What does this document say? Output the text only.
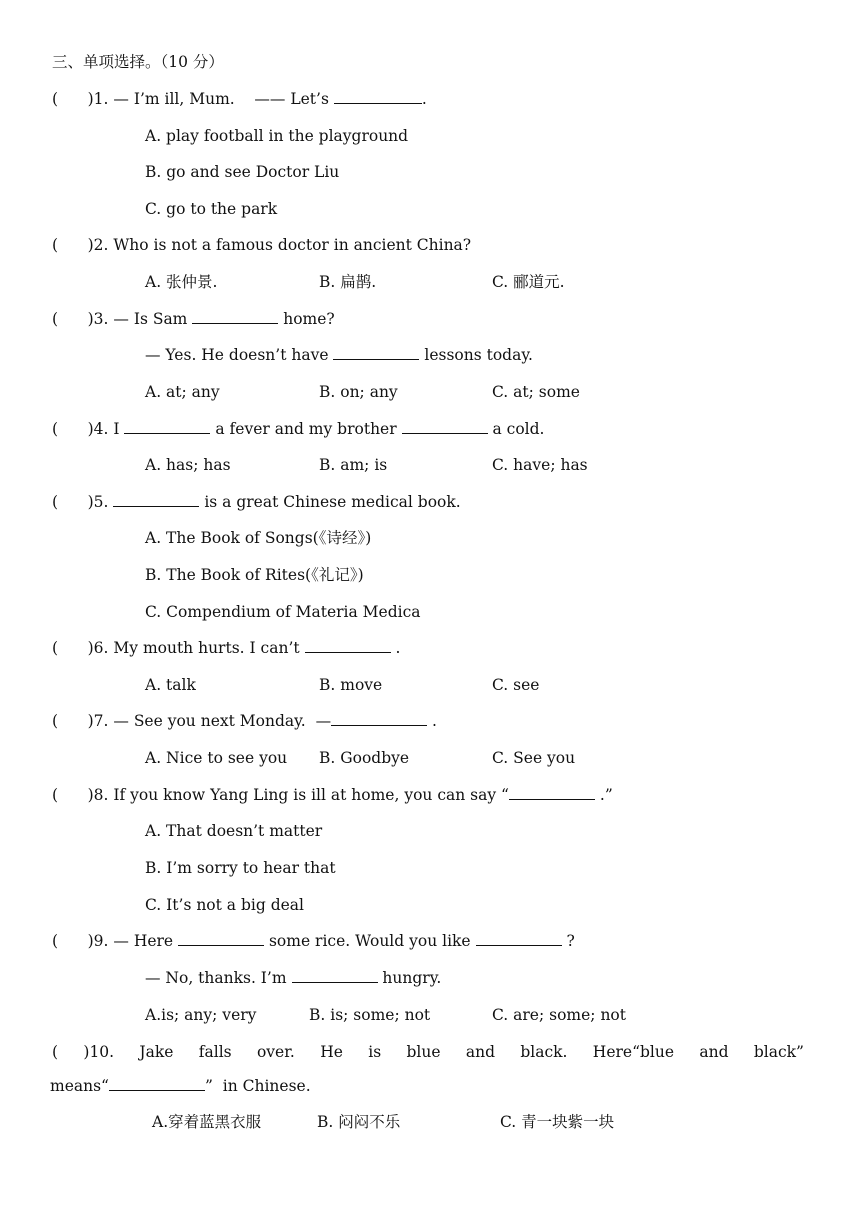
三、单项选择。（10 分）
(      )1. — I’m ill, Mum.    —— Let’s	.
A. play football in the playground
B. go and see Doctor Liu
C. go to the park
(      )2. Who is not a famous doctor in ancient China?
A. 张仲景.	B. 扁鹊.	C. 郦道元.
(      )3. — Is Sam	home?
— Yes. He doesn’t have	lessons today.
A. at; any	B. on; any	C. at; some
(      )4. I	a fever and my brother	a cold.
A. has; has	B. am; is	C. have; has
(      )5.	is a great Chinese medical book.
A. The Book of Songs(《诗经》)
B. The Book of Rites(《礼记》)
C. Compendium of Materia Medica
(      )6. My mouth hurts. I can’t	.
A. talk	B. move	C. see
(      )7. — See you next Monday.  —	.
A. Nice to see you B. Goodbye	C. See you
(      )8. If you know Yang Ling is ill at home, you can say “	.”
A. That doesn’t matter
B. I’m sorry to hear that
C. It’s not a big deal
(      )9. — Here	some rice. Would you like	?
— No, thanks. I’m	hungry.
A.is; any; very	B. is; some; not	C. are; some; not
( )10. Jake falls over. He is blue and black. Here“blue and black”
means“	”  in Chinese.
A.穿着蓝黑衣服	B. 闷闷不乐	C. 青一块紫一块
